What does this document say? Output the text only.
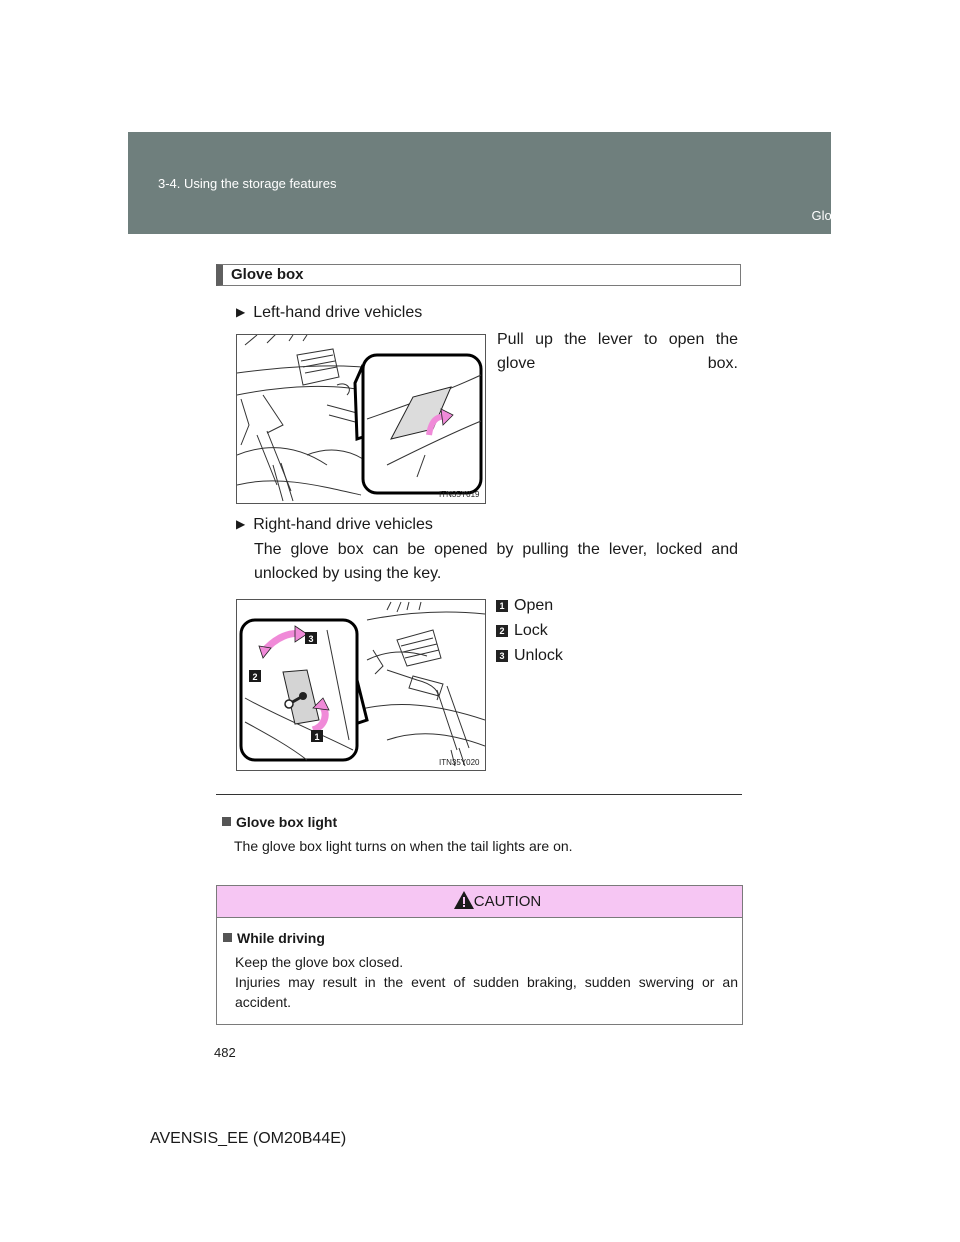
3-4. Using the storage features
Glove box
Glove box
▶ Left-hand drive vehicles
Pull up the lever to open the glove box.
ITN35Y019
▶ Right-hand drive vehicles
The glove box can be opened by pulling the lever, locked and unlocked by using the key.
3
2
1
ITN35Y020
1 Open
2 Lock
3 Unlock
Glove box light
The glove box light turns on when the tail lights are on.
CAUTION
While driving
Keep the glove box closed.
Injuries may result in the event of sudden braking, sudden swerving or an accident.
482
AVENSIS_EE (OM20B44E)
